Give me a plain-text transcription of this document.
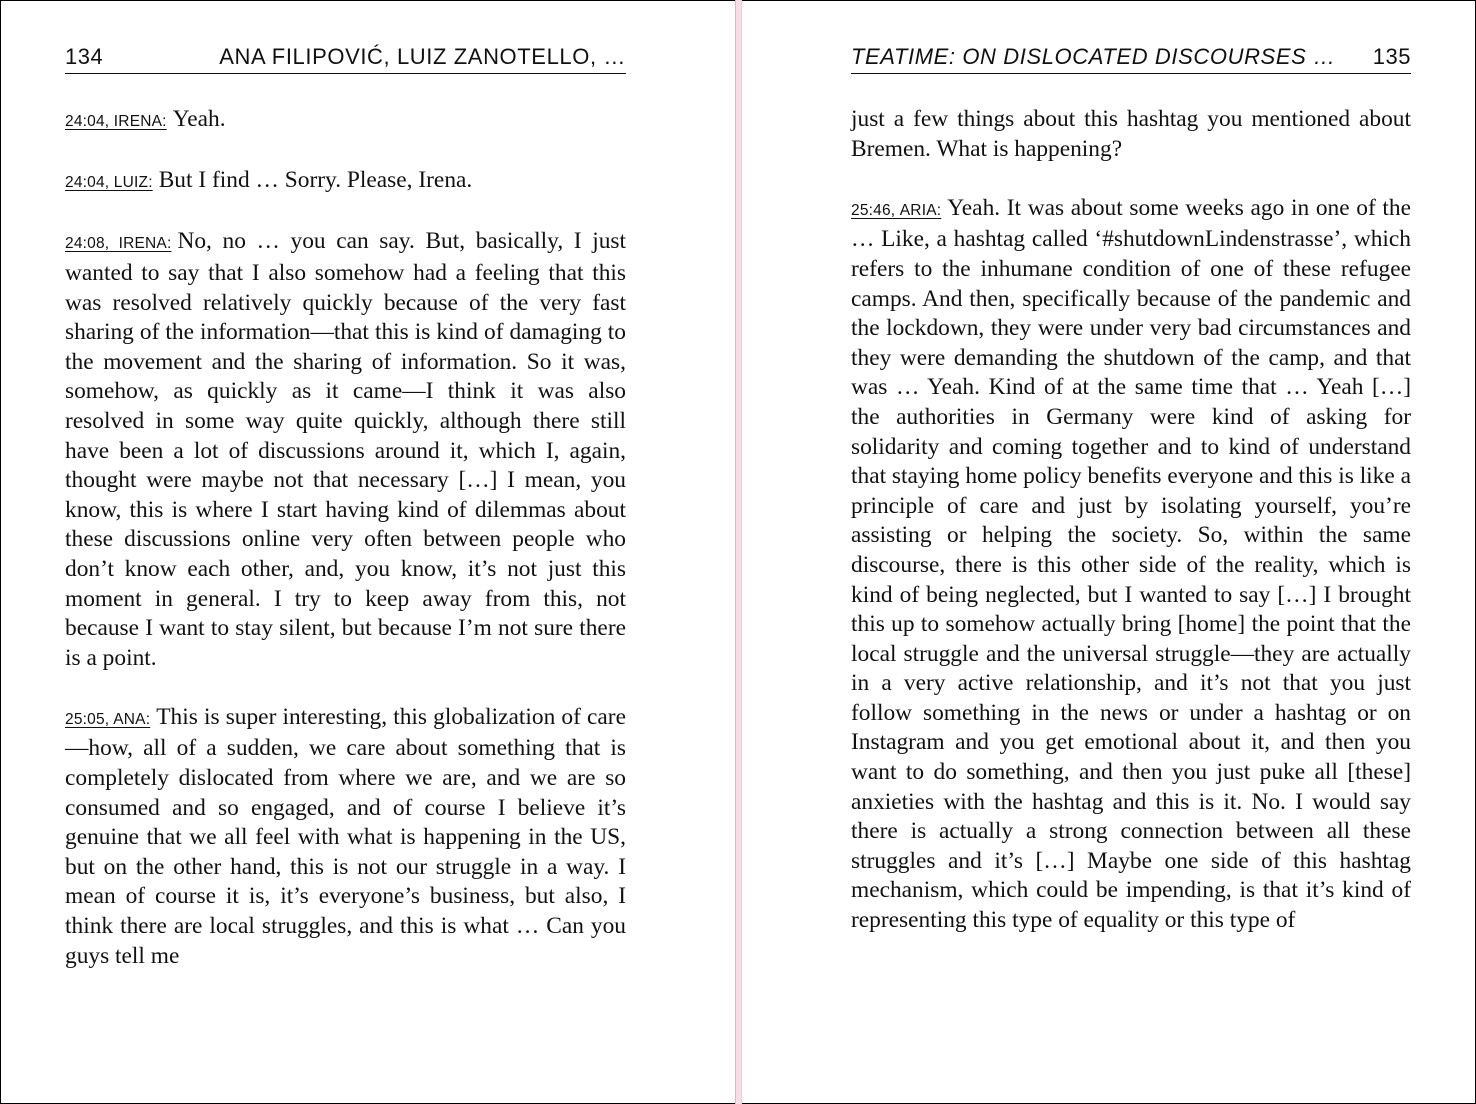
134	ANA FILIPOVIĆ, LUIZ ZANOTELLO, …

24:04, IRENA: Yeah.

24:04, LUIZ: But I find … Sorry. Please, Irena.

24:08, IRENA: No, no … you can say. But, basically, I just wanted to say that I also somehow had a feeling that this was resolved relatively quickly because of the very fast sharing of the information—that this is kind of damaging to the movement and the sharing of information. So it was, somehow, as quickly as it came—I think it was also resolved in some way quite quickly, although there still have been a lot of discussions around it, which I, again, thought were maybe not that necessary […] I mean, you know, this is where I start having kind of dilemmas about these discussions online very often between people who don’t know each other, and, you know, it’s not just this moment in general. I try to keep away from this, not because I want to stay silent, but because I’m not sure there is a point.

25:05, ANA: This is super interesting, this globalization of care—how, all of a sudden, we care about something that is completely dislocated from where we are, and we are so consumed and so engaged, and of course I believe it’s genuine that we all feel with what is happening in the US, but on the other hand, this is not our struggle in a way. I mean of course it is, it’s everyone’s business, but also, I think there are local struggles, and this is what … Can you guys tell me

TEATIME: ON DISLOCATED DISCOURSES … 135

just a few things about this hashtag you mentioned about Bremen. What is happening?

25:46, ARIA: Yeah. It was about some weeks ago in one of the … Like, a hashtag called ‘#shutdownLindenstrasse’, which refers to the inhumane condition of one of these refugee camps. And then, specifically because of the pandemic and the lockdown, they were under very bad circumstances and they were demanding the shutdown of the camp, and that was … Yeah. Kind of at the same time that … Yeah […] the authorities in Germany were kind of asking for solidarity and coming together and to kind of understand that staying home policy benefits everyone and this is like a principle of care and just by isolating yourself, you’re assisting or helping the society. So, within the same discourse, there is this other side of the reality, which is kind of being neglected, but I wanted to say […] I brought this up to somehow actually bring [home] the point that the local struggle and the universal struggle—they are actually in a very active relationship, and it’s not that you just follow something in the news or under a hashtag or on Instagram and you get emotional about it, and then you want to do something, and then you just puke all [these] anxieties with the hashtag and this is it. No. I would say there is actually a strong connection between all these struggles and it’s […] Maybe one side of this hashtag mechanism, which could be impending, is that it’s kind of representing this type of equality or this type of
